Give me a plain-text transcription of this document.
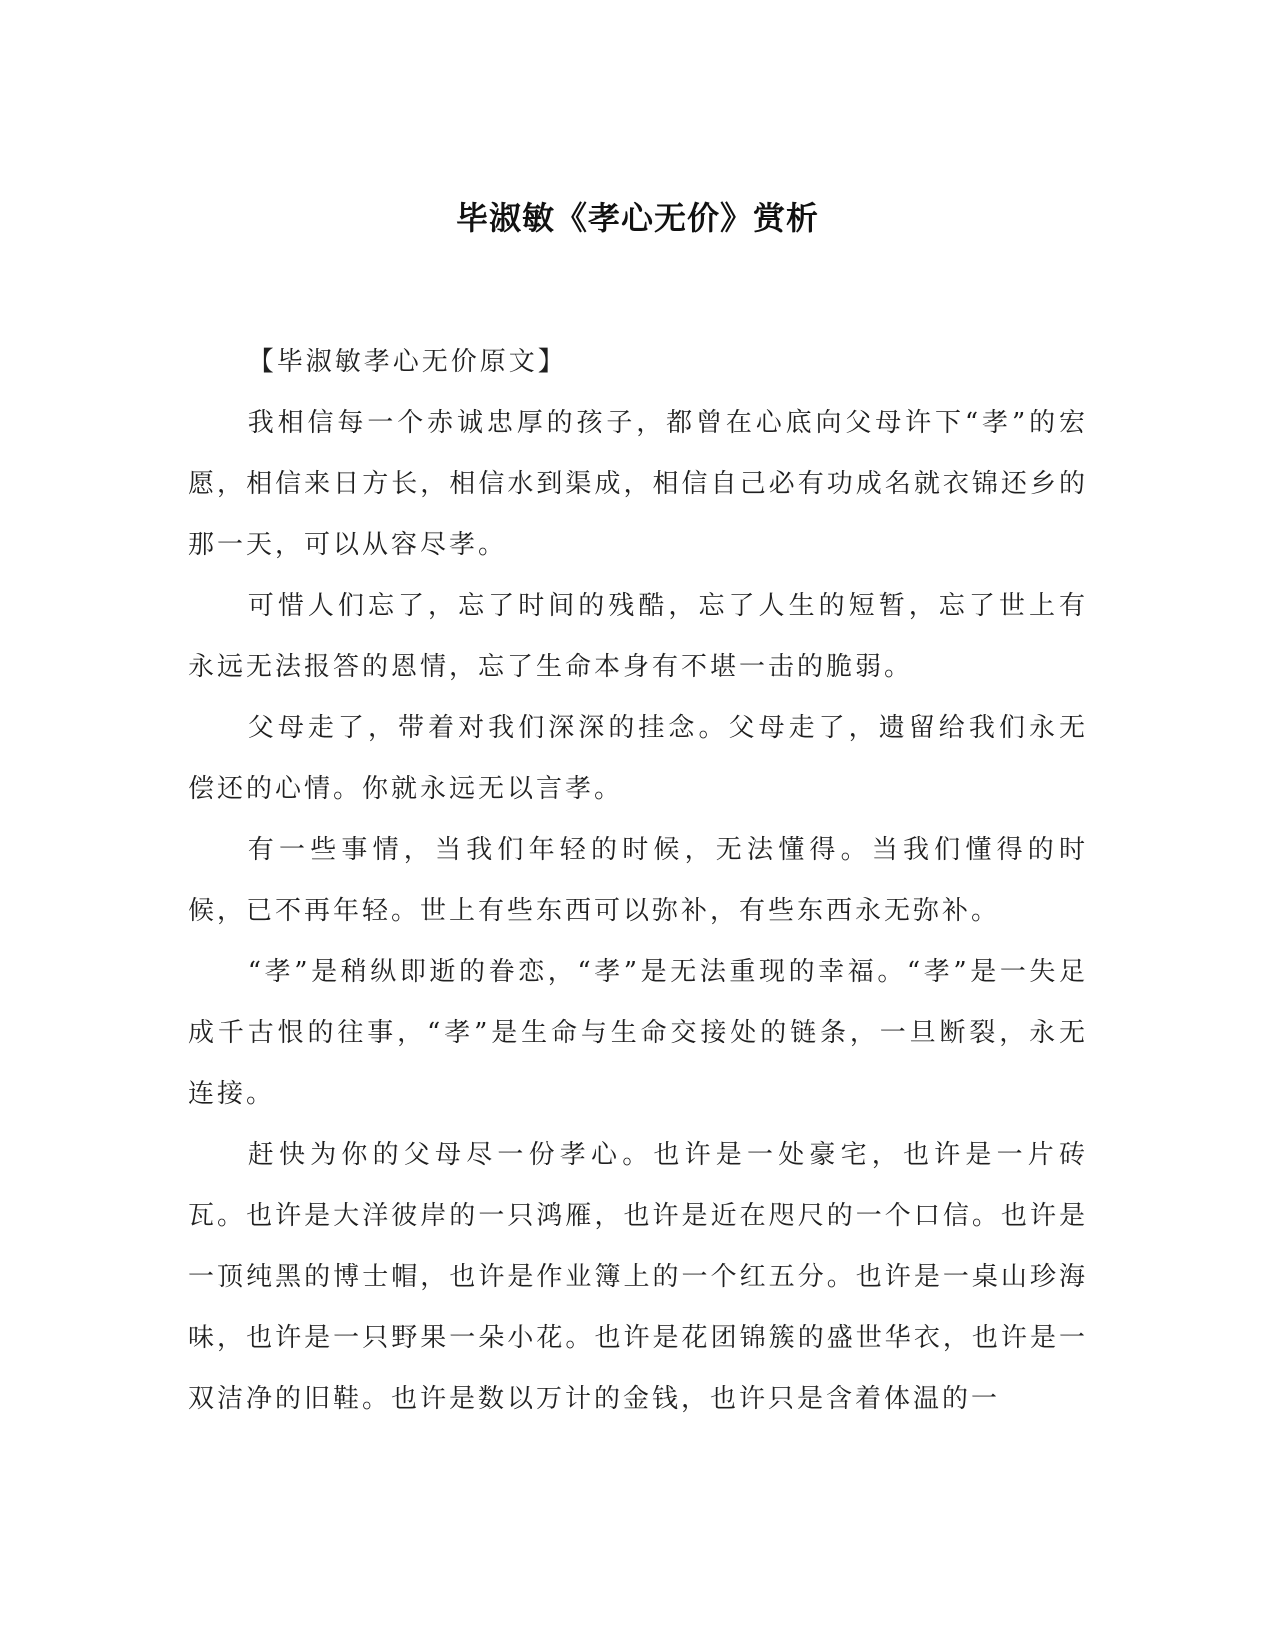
毕淑敏《孝心无价》赏析

【毕淑敏孝心无价原文】

我相信每一个赤诚忠厚的孩子，都曾在心底向父母许下“孝”的宏愿，相信来日方长，相信水到渠成，相信自己必有功成名就衣锦还乡的那一天，可以从容尽孝。

可惜人们忘了，忘了时间的残酷，忘了人生的短暂，忘了世上有永远无法报答的恩情，忘了生命本身有不堪一击的脆弱。

父母走了，带着对我们深深的挂念。父母走了，遗留给我们永无偿还的心情。你就永远无以言孝。

有一些事情，当我们年轻的时候，无法懂得。当我们懂得的时候，已不再年轻。世上有些东西可以弥补，有些东西永无弥补。

“孝”是稍纵即逝的眷恋，“孝”是无法重现的幸福。“孝”是一失足成千古恨的往事，“孝”是生命与生命交接处的链条，一旦断裂，永无连接。

赶快为你的父母尽一份孝心。也许是一处豪宅，也许是一片砖瓦。也许是大洋彼岸的一只鸿雁，也许是近在咫尺的一个口信。也许是一顶纯黑的博士帽，也许是作业簿上的一个红五分。也许是一桌山珍海味，也许是一只野果一朵小花。也许是花团锦簇的盛世华衣，也许是一双洁净的旧鞋。也许是数以万计的金钱，也许只是含着体温的一
